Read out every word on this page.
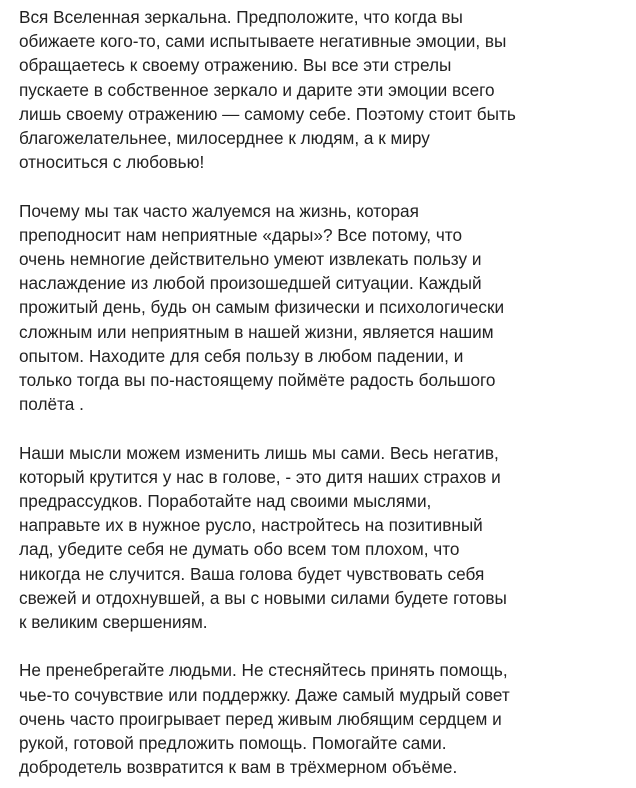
Вся Вселенная зеркальна. Предположите, что когда вы
обижаете кого-то, сами испытываете негативные эмоции, вы
обращаетесь к своему отражению. Вы все эти стрелы
пускаете в собственное зеркало и дарите эти эмоции всего
лишь своему отражению — самому себе. Поэтому стоит быть
благожелательнее, милосерднее к людям, а к миру
относиться с любовью!
Почему мы так часто жалуемся на жизнь, которая
преподносит нам неприятные «дары»? Все потому, что
очень немногие действительно умеют извлекать пользу и
наслаждение из любой произошедшей ситуации. Каждый
прожитый день, будь он самым физически и психологически
сложным или неприятным в нашей жизни, является нашим
опытом. Находите для себя пользу в любом падении, и
только тогда вы по-настоящему поймёте радость большого
полёта .
Наши мысли можем изменить лишь мы сами. Весь негатив,
который крутится у нас в голове, - это дитя наших страхов и
предрассудков. Поработайте над своими мыслями,
направьте их в нужное русло, настройтесь на позитивный
лад, убедите себя не думать обо всем том плохом, что
никогда не случится. Ваша голова будет чувствовать себя
свежей и отдохнувшей, а вы с новыми силами будете готовы
к великим свершениям.
Не пренебрегайте людьми. Не стесняйтесь принять помощь,
чье-то сочувствие или поддержку. Даже самый мудрый совет
очень часто проигрывает перед живым любящим сердцем и
рукой, готовой предложить помощь. Помогайте сами.
добродетель возвратится к вам в трёхмерном объёме.
